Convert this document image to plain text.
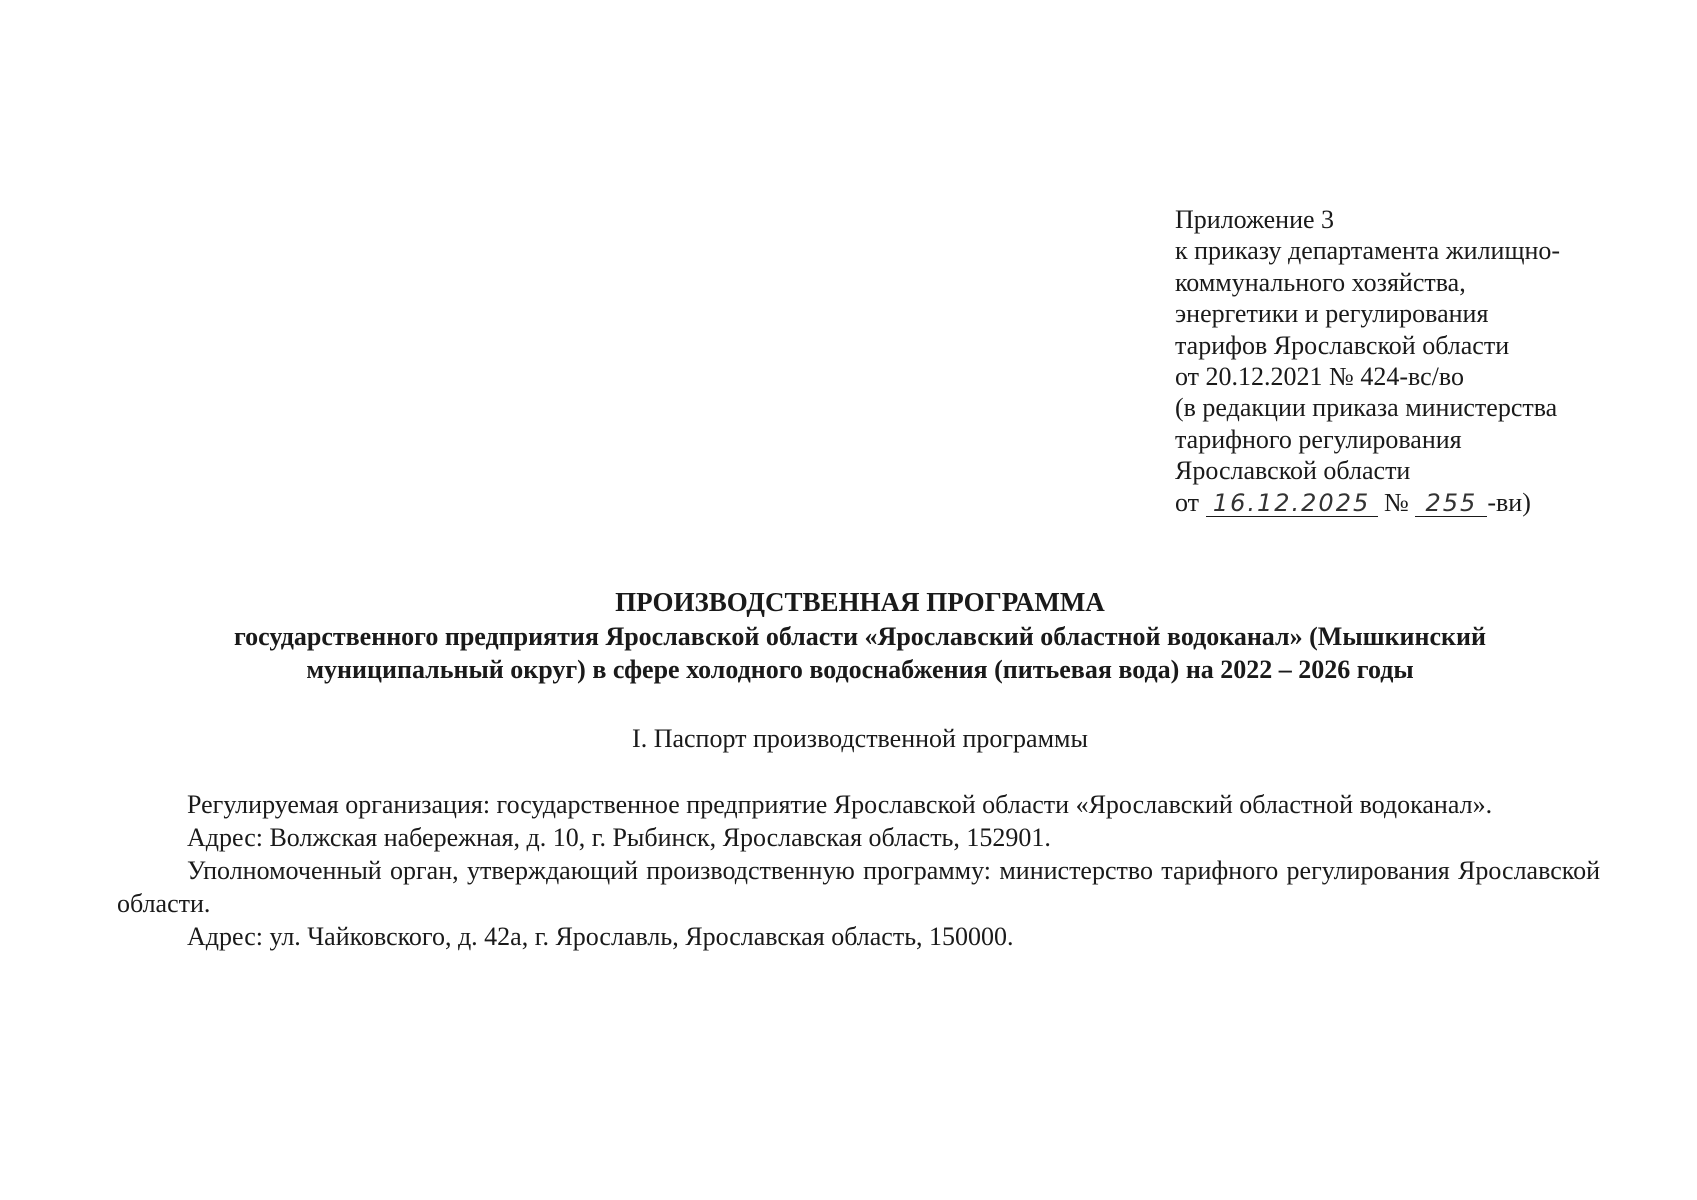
Приложение 3
к приказу департамента жилищно-
коммунального хозяйства,
энергетики и регулирования
тарифов Ярославской области
от 20.12.2021 № 424-вс/во
(в редакции приказа министерства
тарифного регулирования
Ярославской области
от 16.12.2025 № 255 -ви)
ПРОИЗВОДСТВЕННАЯ ПРОГРАММА
государственного предприятия Ярославской области «Ярославский областной водоканал» (Мышкинский
муниципальный округ) в сфере холодного водоснабжения (питьевая вода) на 2022 – 2026 годы
I. Паспорт производственной программы

Регулируемая организация: государственное предприятие Ярославской области «Ярославский областной водоканал».

Адрес: Волжская набережная, д. 10, г. Рыбинск, Ярославская область, 152901.

Уполномоченный орган, утверждающий производственную программу: министерство тарифного регулирования Ярославской области.

Адрес: ул. Чайковского, д. 42а, г. Ярославль, Ярославская область, 150000.
